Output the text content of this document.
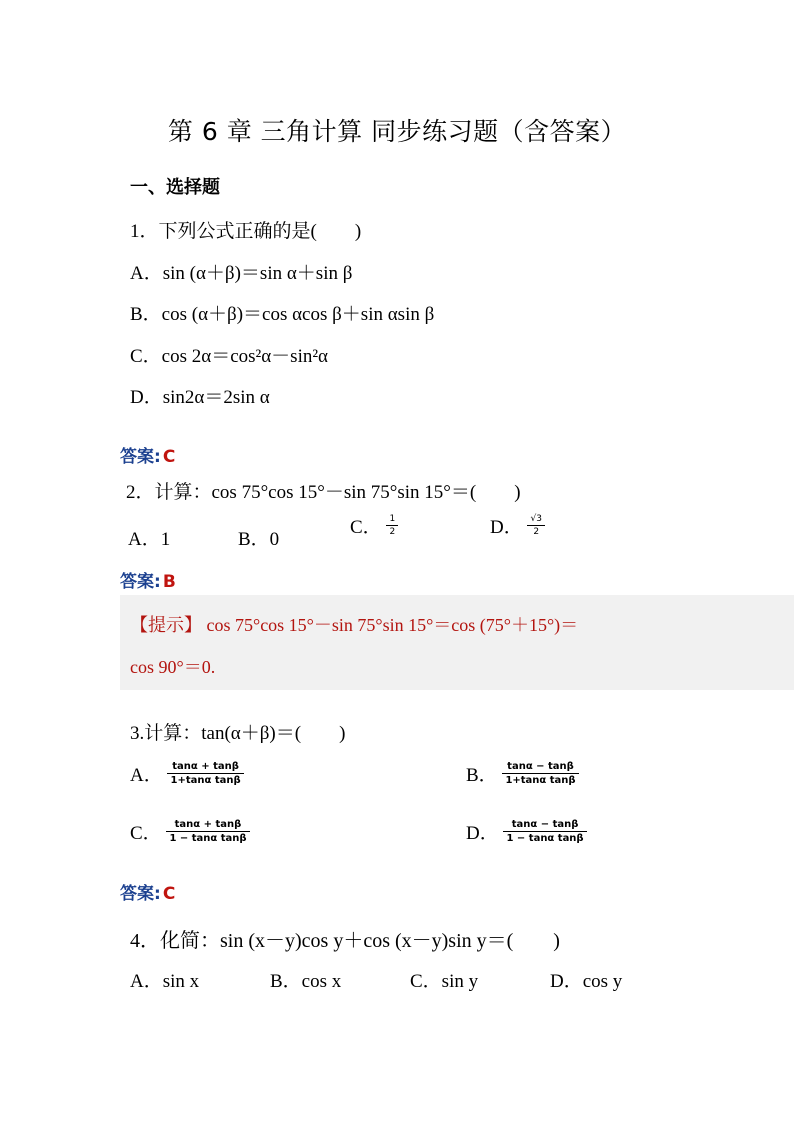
第 6 章 三角计算 同步练习题（含答案）
一、选择题
1．下列公式正确的是(　　)
A．sin (α＋β)＝sin α＋sin β
B．cos (α＋β)＝cos αcos β＋sin αsin β
C．cos 2α＝cos²α－sin²α
D．sin2α＝2sin α
答案: C
2．计算：cos 75°cos 15°－sin 75°sin 15°＝(　　)
A．1	B．0
C． $\frac{1}{2}$	D． $\frac{√3}{2}$
答案: B
【提示】 cos 75°cos 15°－sin 75°sin 15°＝cos (75°＋15°)＝
cos 90°＝0.
3.计算：tan(α＋β)＝(　　)
A． $\frac{\tan\alpha + \tan\beta}{\text{1+tanα tanβ}}$	B． $\frac{\tan\alpha - \tan\beta}{\text{1+tanα tanβ}}$
C． $\frac{\tan\alpha + \tan\beta}{\text{1 − tanα tanβ}}$	D． $\frac{\tan\alpha - \tan\beta}{\text{1 − tanα tanβ}}$
答案: C
4．化简：sin (x－y)cos y＋cos (x－y)sin y＝(　　)
A．sin x	B．cos x	C．sin y	D．cos y
